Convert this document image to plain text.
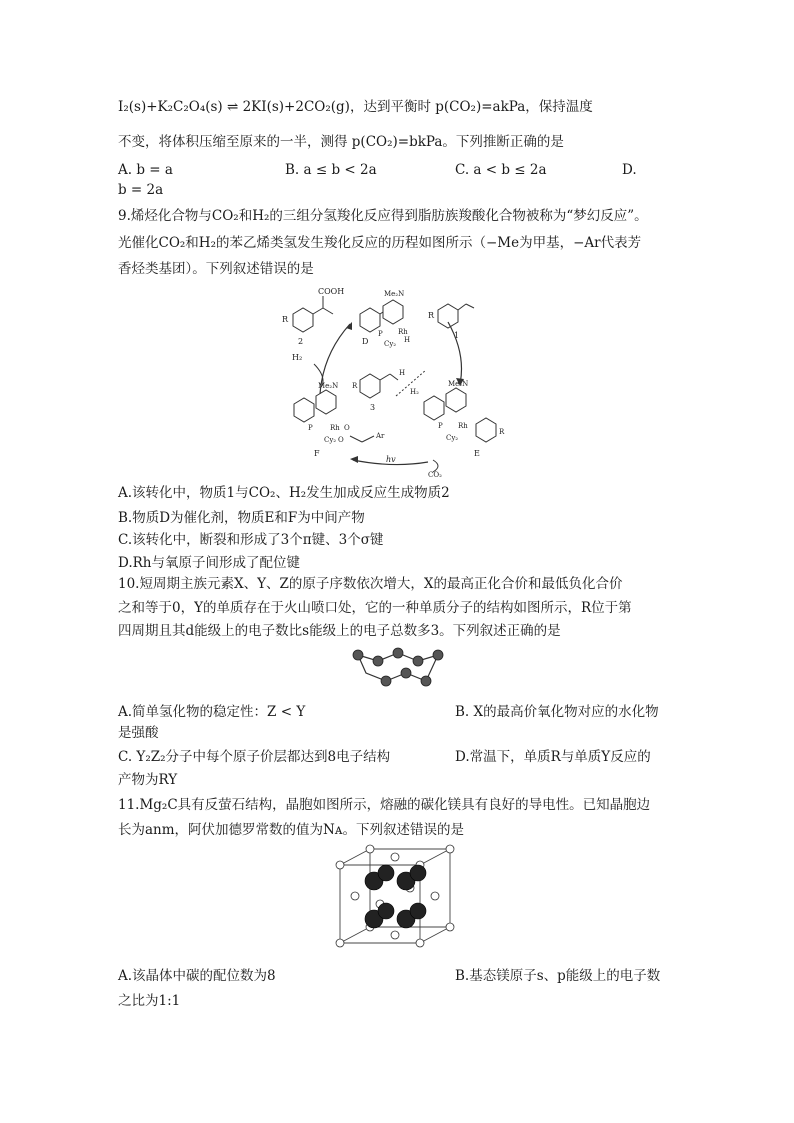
I₂(s)+K₂C₂O₄(s) ⇌ 2KI(s)+2CO₂(g)，达到平衡时 p(CO₂)=akPa，保持温度
不变，将体积压缩至原来的一半，测得 p(CO₂)=bkPa。下列推断正确的是
A. b = a	B. a ≤ b < 2a	C. a < b ≤ 2a	D.
b = 2a
9.烯烃化合物与CO₂和H₂的三组分氢羧化反应得到脂肪族羧酸化合物被称为“梦幻反应”。
光催化CO₂和H₂的苯乙烯类氢发生羧化反应的历程如图所示（−Me为甲基，−Ar代表芳
香烃类基团）。下列叙述错误的是
COOH
R
2
H₂
Me₂N
P Rh
H
Cy₂
D
R
1
R
H
3
H₂
Me₂N
P Rh O
O
Cy₂	Ar
F
hv
CO₂
Me₂N
P Rh
Cy₂
R
E
A.该转化中，物质1与CO₂、H₂发生加成反应生成物质2
B.物质D为催化剂，物质E和F为中间产物
C.该转化中，断裂和形成了3个π键、3个σ键
D.Rh与氧原子间形成了配位键
10.短周期主族元素X、Y、Z的原子序数依次增大，X的最高正化合价和最低负化合价
之和等于0，Y的单质存在于火山喷口处，它的一种单质分子的结构如图所示，R位于第
四周期且其d能级上的电子数比s能级上的电子总数多3。下列叙述正确的是
A.简单氢化物的稳定性：Z < Y	B. X的最高价氧化物对应的水化物
是强酸
C. Y₂Z₂分子中每个原子价层都达到8电子结构	D.常温下，单质R与单质Y反应的
产物为RY
11.Mg₂C具有反萤石结构，晶胞如图所示，熔融的碳化镁具有良好的导电性。已知晶胞边
长为anm，阿伏加德罗常数的值为Nᴀ。下列叙述错误的是
A.该晶体中碳的配位数为8	B.基态镁原子s、p能级上的电子数
之比为1:1
